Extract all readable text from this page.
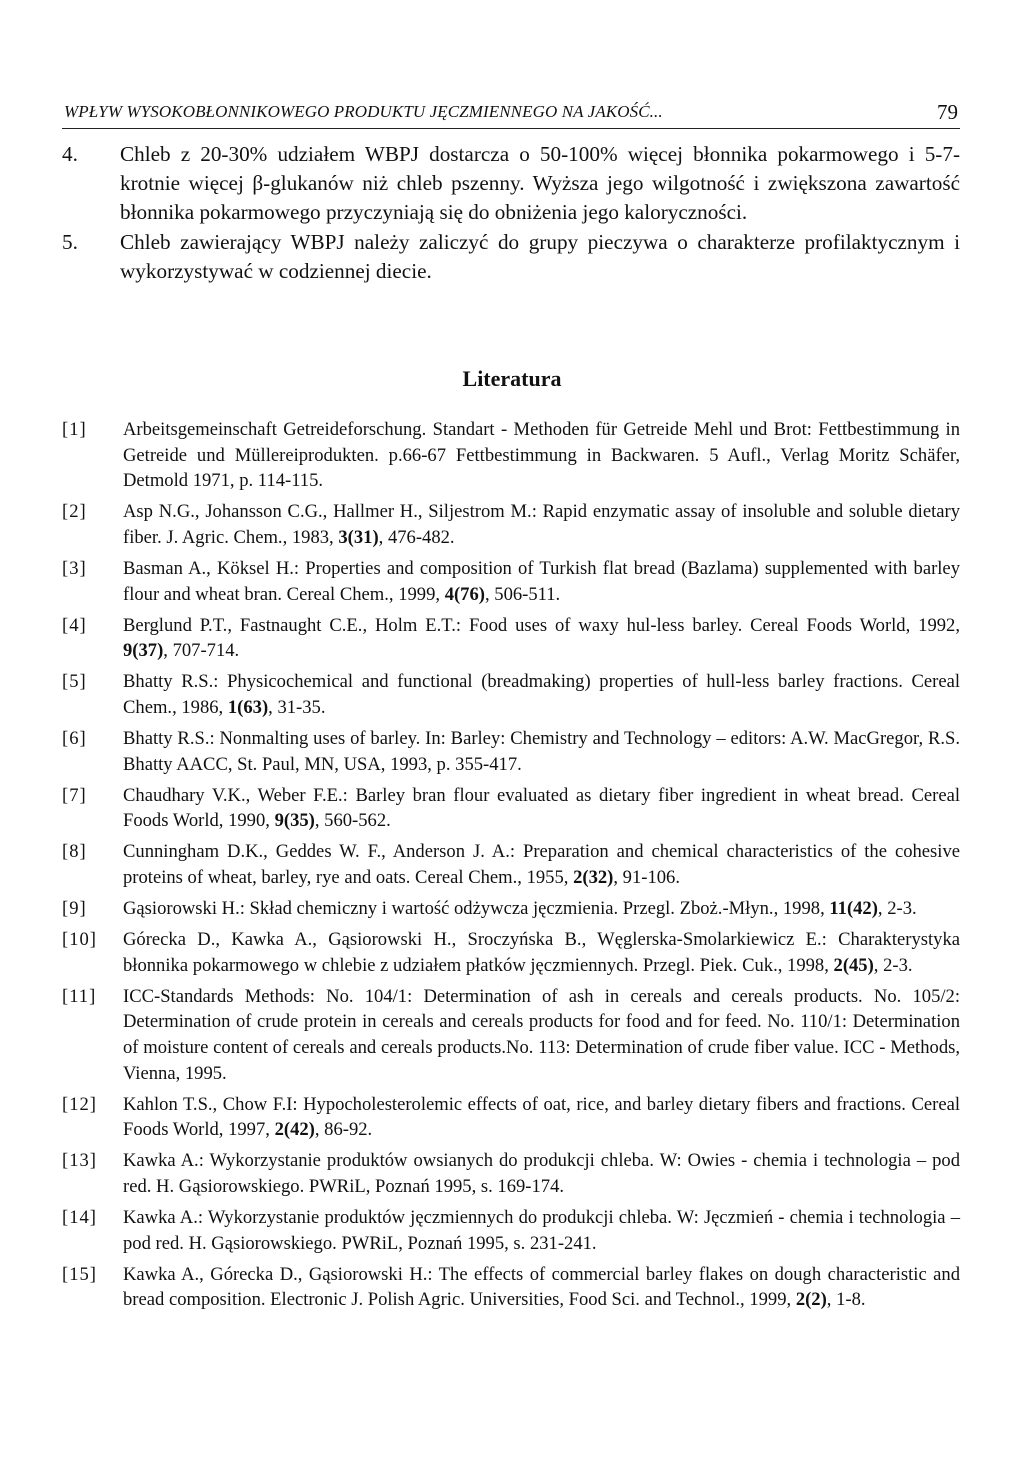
WPŁYW WYSOKOBŁONNIKOWEGO PRODUKTU JĘCZMIENNEGO NA JAKOŚĆ...	79
4. Chleb z 20-30% udziałem WBPJ dostarcza o 50-100% więcej błonnika pokarmowego i 5-7-krotnie więcej β-glukanów niż chleb pszenny. Wyższa jego wilgotność i zwiększona zawartość błonnika pokarmowego przyczyniają się do obniżenia jego kaloryczności.
5. Chleb zawierający WBPJ należy zaliczyć do grupy pieczywa o charakterze profilaktycznym i wykorzystywać w codziennej diecie.
Literatura
[1] Arbeitsgemeinschaft Getreideforschung. Standart - Methoden für Getreide Mehl und Brot: Fettbestimmung in Getreide und Müllereiprodukten. p.66-67 Fettbestimmung in Backwaren. 5 Aufl., Verlag Moritz Schäfer, Detmold 1971, p. 114-115.
[2] Asp N.G., Johansson C.G., Hallmer H., Siljestrom M.: Rapid enzymatic assay of insoluble and soluble dietary fiber. J. Agric. Chem., 1983, 3(31), 476-482.
[3] Basman A., Köksel H.: Properties and composition of Turkish flat bread (Bazlama) supplemented with barley flour and wheat bran. Cereal Chem., 1999, 4(76), 506-511.
[4] Berglund P.T., Fastnaught C.E., Holm E.T.: Food uses of waxy hul-less barley. Cereal Foods World, 1992, 9(37), 707-714.
[5] Bhatty R.S.: Physicochemical and functional (breadmaking) properties of hull-less barley fractions. Cereal Chem., 1986, 1(63), 31-35.
[6] Bhatty R.S.: Nonmalting uses of barley. In: Barley: Chemistry and Technology – editors: A.W. MacGregor, R.S. Bhatty AACC, St. Paul, MN, USA, 1993, p. 355-417.
[7] Chaudhary V.K., Weber F.E.: Barley bran flour evaluated as dietary fiber ingredient in wheat bread. Cereal Foods World, 1990, 9(35), 560-562.
[8] Cunningham D.K., Geddes W. F., Anderson J. A.: Preparation and chemical characteristics of the cohesive proteins of wheat, barley, rye and oats. Cereal Chem., 1955, 2(32), 91-106.
[9] Gąsiorowski H.: Skład chemiczny i wartość odżywcza jęczmienia. Przegl. Zboż.-Młyn., 1998, 11(42), 2-3.
[10] Górecka D., Kawka A., Gąsiorowski H., Sroczyńska B., Węglerska-Smolarkiewicz E.: Charakterystyka błonnika pokarmowego w chlebie z udziałem płatków jęczmiennych. Przegl. Piek. Cuk., 1998, 2(45), 2-3.
[11] ICC-Standards Methods: No. 104/1: Determination of ash in cereals and cereals products. No. 105/2: Determination of crude protein in cereals and cereals products for food and for feed. No. 110/1: Determination of moisture content of cereals and cereals products.No. 113: Determination of crude fiber value. ICC - Methods, Vienna, 1995.
[12] Kahlon T.S., Chow F.I: Hypocholesterolemic effects of oat, rice, and barley dietary fibers and fractions. Cereal Foods World, 1997, 2(42), 86-92.
[13] Kawka A.: Wykorzystanie produktów owsianych do produkcji chleba. W: Owies - chemia i technologia – pod red. H. Gąsiorowskiego. PWRiL, Poznań 1995, s. 169-174.
[14] Kawka A.: Wykorzystanie produktów jęczmiennych do produkcji chleba. W: Jęczmień - chemia i technologia – pod red. H. Gąsiorowskiego. PWRiL, Poznań 1995, s. 231-241.
[15] Kawka A., Górecka D., Gąsiorowski H.: The effects of commercial barley flakes on dough characteristic and bread composition. Electronic J. Polish Agric. Universities, Food Sci. and Technol., 1999, 2(2), 1-8.
